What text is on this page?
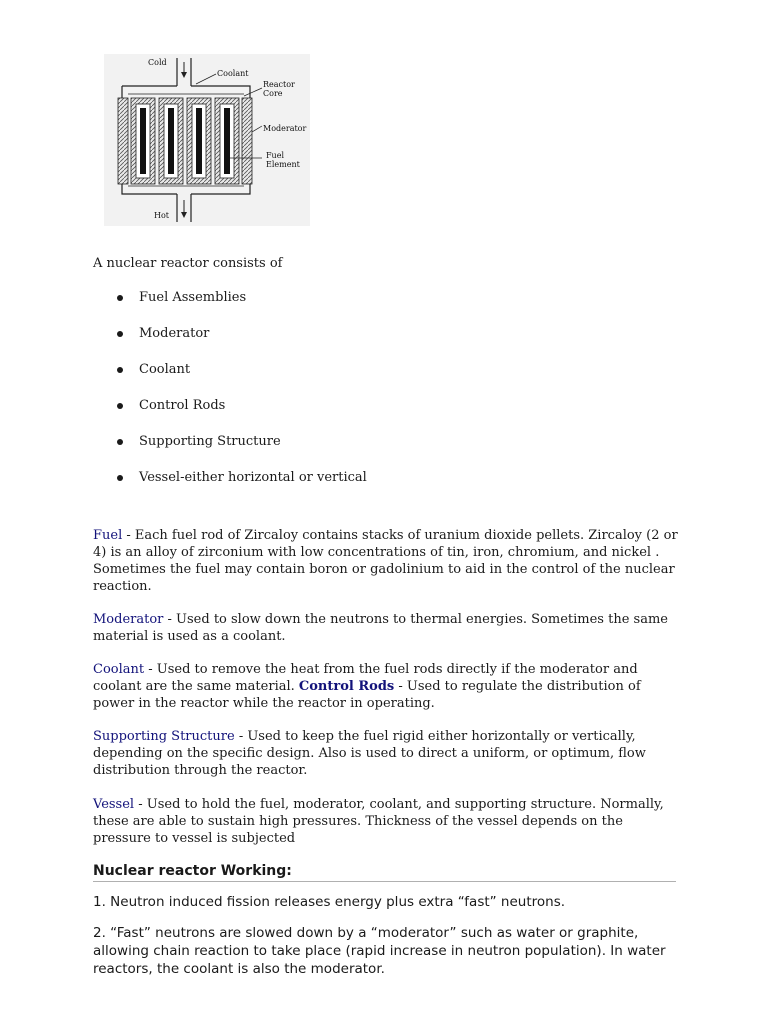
Cold
Coolant
Reactor
Core
Moderator
Fuel
Element
Hot
A nuclear reactor consists of
Fuel Assemblies
Moderator
Coolant
Control Rods
Supporting Structure
Vessel-either horizontal or vertical

Fuel - Each fuel rod of Zircaloy contains stacks of uranium dioxide pellets. Zircaloy (2 or 4) is an alloy of zirconium with low concentrations of tin, iron, chromium, and nickel . Sometimes the fuel may contain boron or gadolinium to aid in the control of the nuclear reaction.

Moderator - Used to slow down the neutrons to thermal energies. Sometimes the same material is used as a coolant.

Coolant - Used to remove the heat from the fuel rods directly if the moderator and coolant are the same material. Control Rods - Used to regulate the distribution of power in the reactor while the reactor in operating.

Supporting Structure - Used to keep the fuel rigid either horizontally or vertically, depending on the specific design. Also is used to direct a uniform, or optimum, flow distribution through the reactor.

Vessel - Used to hold the fuel, moderator, coolant, and supporting structure. Normally, these are able to sustain high pressures. Thickness of the vessel depends on the pressure to vessel is subjected

Nuclear reactor Working:

1. Neutron induced fission releases energy plus extra “fast” neutrons.

2. “Fast” neutrons are slowed down by a “moderator” such as water or graphite, allowing chain reaction to take place (rapid increase in neutron population). In water reactors, the coolant is also the moderator.
